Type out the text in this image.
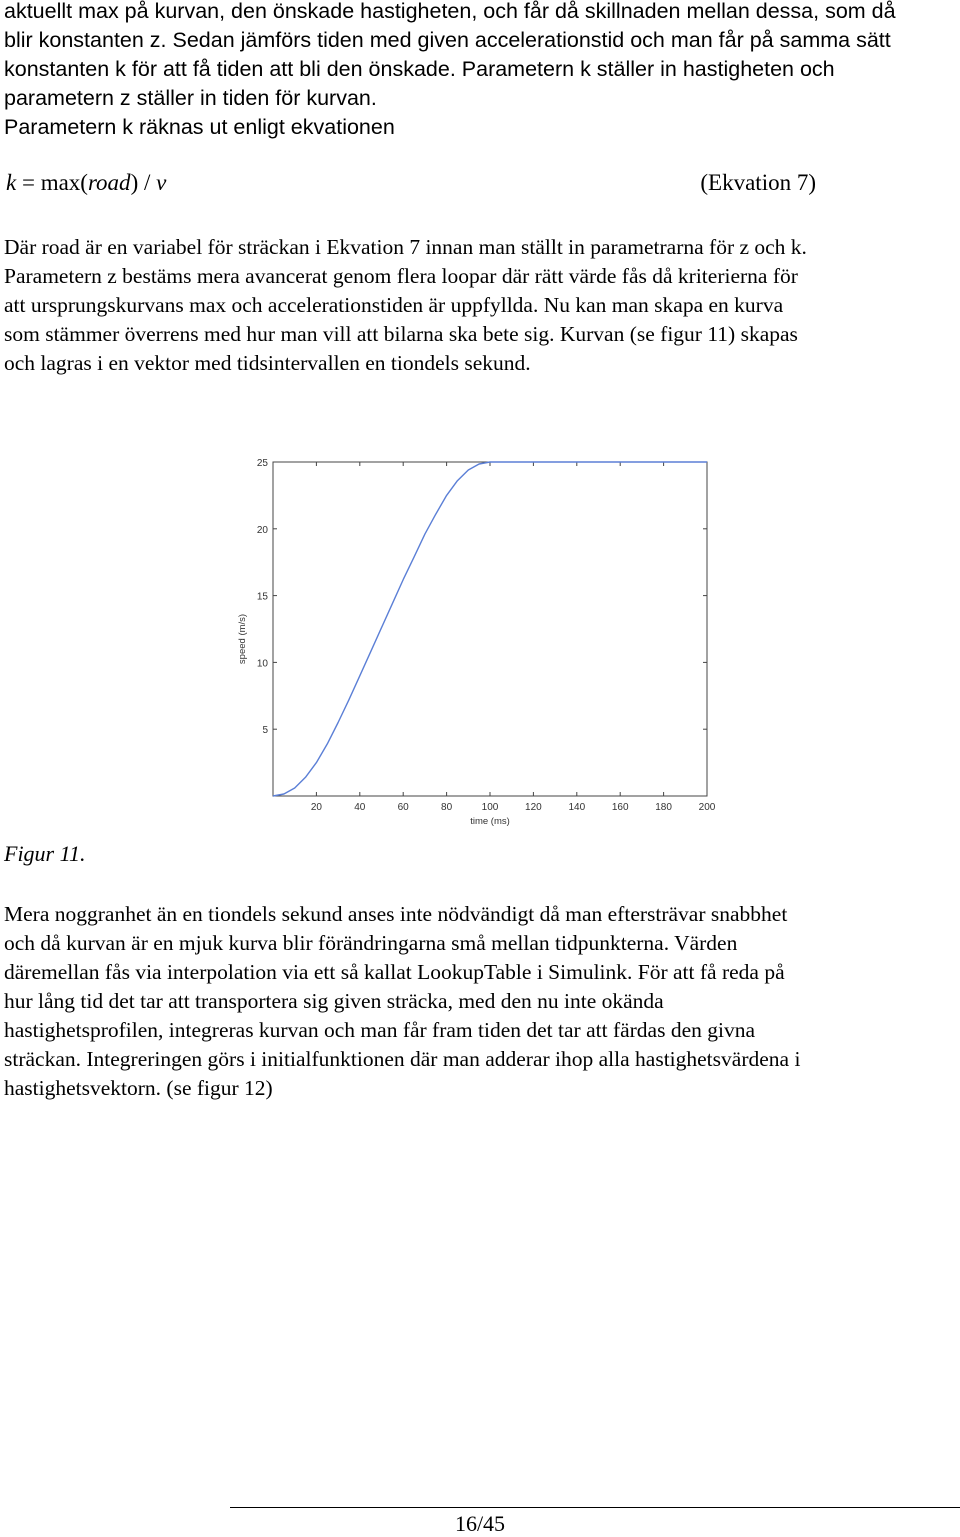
aktuellt max på kurvan, den önskade hastigheten, och får då skillnaden mellan dessa, som då
blir konstanten z. Sedan jämförs tiden med given accelerationstid och man får på samma sätt
konstanten k för att få tiden att bli den önskade. Parametern k ställer in hastigheten och
parametern z ställer in tiden för kurvan.
Parametern k räknas ut enligt ekvationen
k = max(road) / v	(Ekvation 7)
Där road är en variabel för sträckan i Ekvation 7 innan man ställt in parametrarna för z och k.
Parametern z bestäms mera avancerat genom flera loopar där rätt värde fås då kriterierna för
att ursprungskurvans max och accelerationstiden är uppfyllda. Nu kan man skapa en kurva
som stämmer överrens med hur man vill att bilarna ska bete sig. Kurvan (se figur 11) skapas
och lagras i en vektor med tidsintervallen en tiondels sekund.
20	40	60	80	100	120	140	160	180	200
5
10
15
20
25
time (ms)
speed (m/s)
Figur 11.
Mera noggranhet än en tiondels sekund anses inte nödvändigt då man eftersträvar snabbhet
och då kurvan är en mjuk kurva blir förändringarna små mellan tidpunkterna. Värden
däremellan fås via interpolation via ett så kallat LookupTable i Simulink. För att få reda på
hur lång tid det tar att transportera sig given sträcka, med den nu inte okända
hastighetsprofilen, integreras kurvan och man får fram tiden det tar att färdas den givna
sträckan. Integreringen görs i initialfunktionen där man adderar ihop alla hastighetsvärdena i
hastighetsvektorn. (se figur 12)
16/45
